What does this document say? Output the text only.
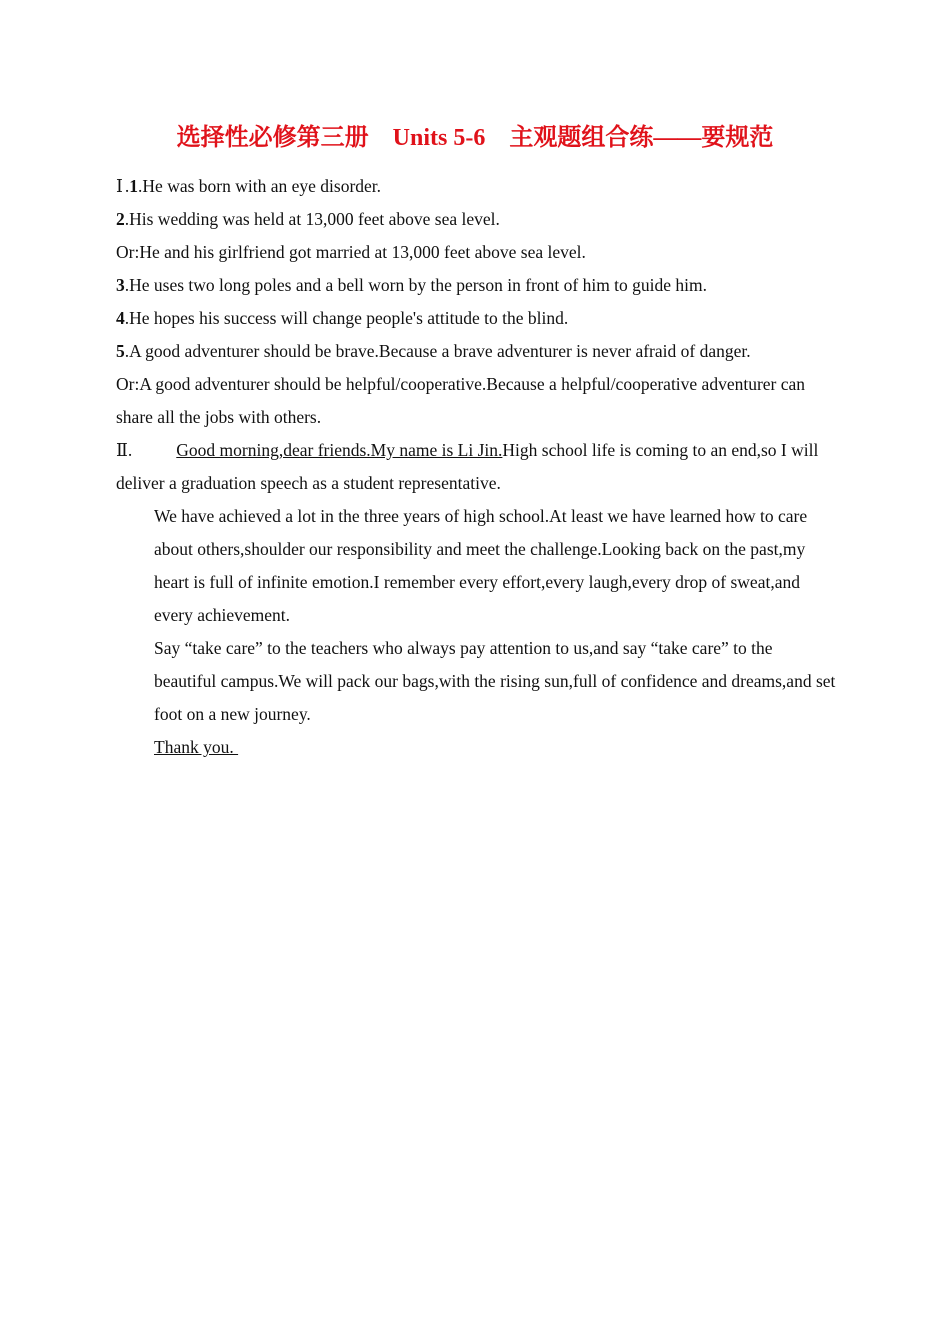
选择性必修第三册 Units 5-6 主观题组合练——要规范
Ⅰ .1.He was born with an eye disorder.
2.His wedding was held at 13,000 feet above sea level.
Or:He and his girlfriend got married at 13,000 feet above sea level.
3.He uses two long poles and a bell worn by the person in front of him to guide him.
4.He hopes his success will change people's attitude to the blind.
5.A good adventurer should be brave.Because a brave adventurer is never afraid of danger.
Or:A good adventurer should be helpful/cooperative.Because a helpful/cooperative adventurer can share all the jobs with others.
Ⅱ.	Good morning,dear friends.My name is Li Jin.High school life is coming to an end,so I will deliver a graduation speech as a student representative.
We have achieved a lot in the three years of high school.At least we have learned how to care about others,shoulder our responsibility and meet the challenge.Looking back on the past,my heart is full of infinite emotion.I remember every effort,every laugh,every drop of sweat,and every achievement.
Say “take care” to the teachers who always pay attention to us,and say “take care” to the beautiful campus.We will pack our bags,with the rising sun,full of confidence and dreams,and set foot on a new journey.
Thank you.
